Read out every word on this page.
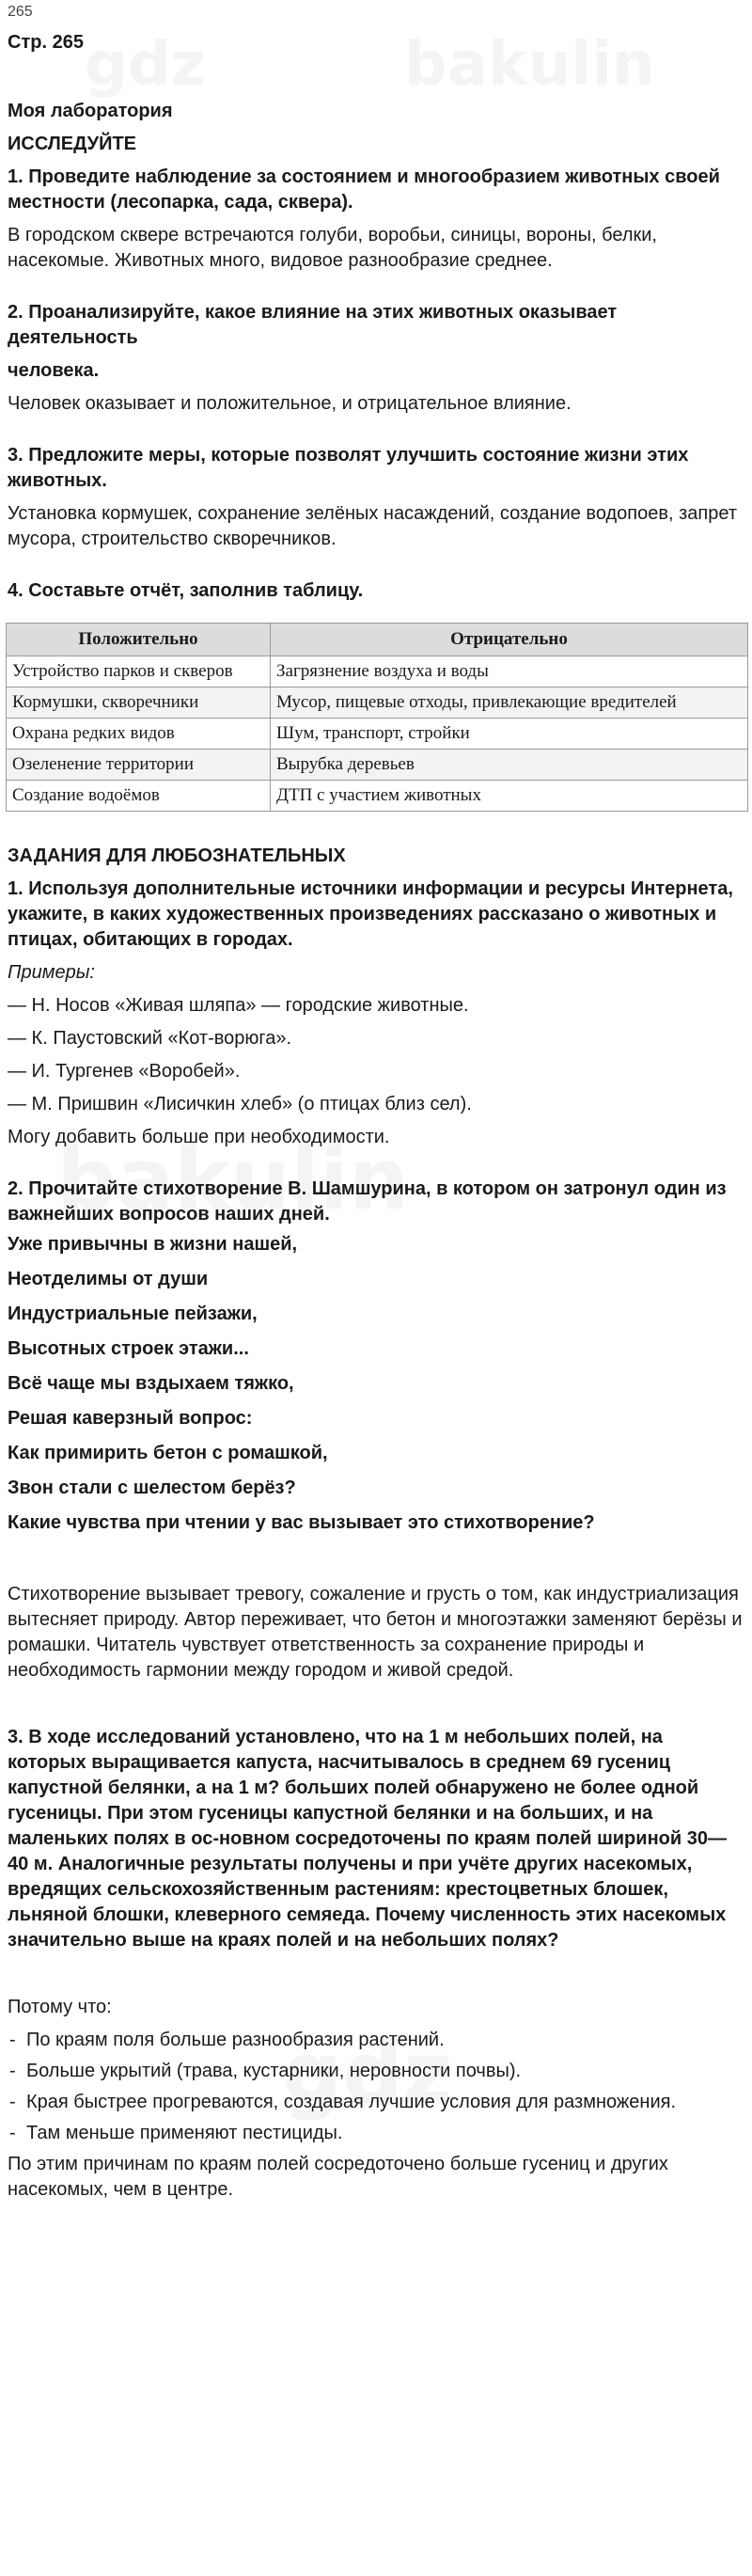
265
Стр. 265

Моя лаборатория

ИССЛЕДУЙТЕ

1. Проведите наблюдение за состоянием и многообразием животных своей местности (лесопарка, сада, сквера).

В городском сквере встречаются голуби, воробьи, синицы, вороны, белки, насекомые. Животных много, видовое разнообразие среднее.

2. Проанализируйте, какое влияние на этих животных оказывает деятельность

человека.

Человек оказывает и положительное, и отрицательное влияние.

3. Предложите меры, которые позволят улучшить состояние жизни этих животных.

Установка кормушек, сохранение зелёных насаждений, создание водопоев, запрет мусора, строительство скворечников.

4. Составьте отчёт, заполнив таблицу.

Положительно	Отрицательно
Устройство парков и скверов	Загрязнение воздуха и воды
Кормушки, скворечники	Мусор, пищевые отходы, привлекающие вредителей
Охрана редких видов	Шум, транспорт, стройки
Озеленение территории	Вырубка деревьев
Создание водоёмов	ДТП с участием животных

ЗАДАНИЯ ДЛЯ ЛЮБОЗНАТЕЛЬНЫХ

1. Используя дополнительные источники информации и ресурсы Интернета, укажите, в каких художественных произведениях рассказано о животных и птицах, обитающих в городах.

Примеры:

— Н. Носов «Живая шляпа» — городские животные.

— К. Паустовский «Кот-ворюга».

— И. Тургенев «Воробей».

— М. Пришвин «Лисичкин хлеб» (о птицах близ сел).

Могу добавить больше при необходимости.

2. Прочитайте стихотворение В. Шамшурина, в котором он затронул один из важнейших вопросов наших дней.

Уже привычны в жизни нашей,

Неотделимы от души

Индустриальные пейзажи,

Высотных строек этажи...

Всё чаще мы вздыхаем тяжко,

Решая каверзный вопрос:

Как примирить бетон с ромашкой,

Звон стали с шелестом берёз?

Какие чувства при чтении у вас вызывает это стихотворение?

Стихотворение вызывает тревогу, сожаление и грусть о том, как индустриализация вытесняет природу. Автор переживает, что бетон и многоэтажки заменяют берёзы и ромашки. Читатель чувствует ответственность за сохранение природы и необходимость гармонии между городом и живой средой.

3. В ходе исследований установлено, что на 1 м небольших полей, на которых выращивается капуста, насчитывалось в среднем 69 гусениц капустной белянки, а на 1 м? больших полей обнаружено не более одной гусеницы. При этом гусеницы капустной белянки и на больших, и на маленьких полях в ос-новном сосредоточены по краям полей шириной 30—40 м. Аналогичные результаты получены и при учёте других насекомых, вредящих сельскохозяйственным растениям: крестоцветных блошек, льняной блошки, клеверного семяеда. Почему численность этих насекомых значительно выше на краях полей и на небольших полях?

Потому что:

- По краям поля больше разнообразия растений.
- Больше укрытий (трава, кустарники, неровности почвы).
- Края быстрее прогреваются, создавая лучшие условия для размножения.
- Там меньше применяют пестициды.

По этим причинам по краям полей сосредоточено больше гусениц и других насекомых, чем в центре.
